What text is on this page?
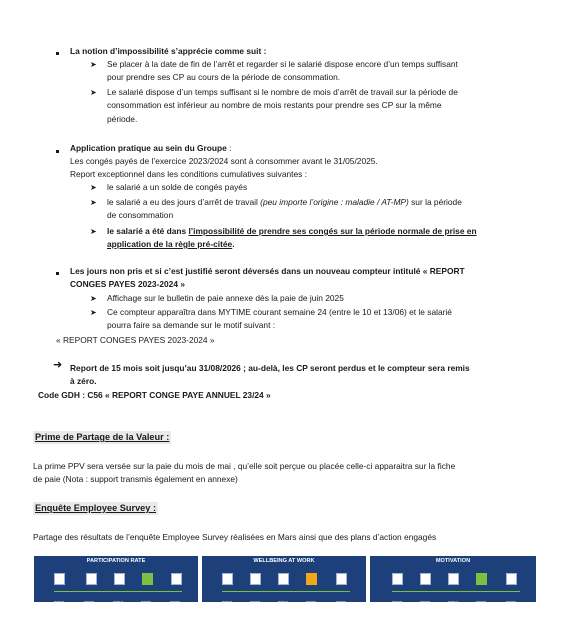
La notion d’impossibilité s’apprécie comme suit :
➤ Se placer à la date de fin de l’arrêt et regarder si le salarié dispose encore d’un temps suffisant
pour prendre ses CP au cours de la période de consommation.
➤ Le salarié dispose d’un temps suffisant si le nombre de mois d’arrêt de travail sur la période de
consommation est inférieur au nombre de mois restants pour prendre ses CP sur la même
période.
Application pratique au sein du Groupe :
Les congés payés de l’exercice 2023/2024 sont à consommer avant le 31/05/2025.
Report exceptionnel dans les conditions cumulatives suivantes :
➤ le salarié a un solde de congés payés
➤ le salarié a eu des jours d’arrêt de travail (peu importe l’origine : maladie / AT-MP) sur la période
de consommation
➤ le salarié a été dans l’impossibilité de prendre ses congés sur la période normale de prise en
application de la règle pré-citée.
Les jours non pris et si c’est justifié seront déversés dans un nouveau compteur intitulé « REPORT
CONGES PAYES 2023-2024 »
➤ Affichage sur le bulletin de paie annexe dès la paie de juin 2025
➤ Ce compteur apparaîtra dans MYTIME courant semaine 24 (entre le 10 et 13/06) et le salarié
pourra faire sa demande sur le motif suivant :
« REPORT CONGES PAYES 2023-2024 »
➜ Report de 15 mois soit jusqu’au 31/08/2026 ; au-delà, les CP seront perdus et le compteur sera remis
à zéro.
Code GDH : C56 « REPORT CONGE PAYE ANNUEL 23/24 »
Prime de Partage de la Valeur :
La prime PPV sera versée sur la paie du mois de mai , qu’elle soit perçue ou placée celle-ci apparaitra sur la fiche
de paie (Nota : support transmis également en annexe)
Enquête Employee Survey :
Partage des résultats de l’enquête Employee Survey réalisées en Mars ainsi que des plans d’action engagés
PARTICIPATION RATE
2022	2023	2024	2025	2025 Target
WELLBEING AT WORK
2022	2023	2024	2025	2025 Target
MOTIVATION
2022	2023	2024	2025	2025 Target
